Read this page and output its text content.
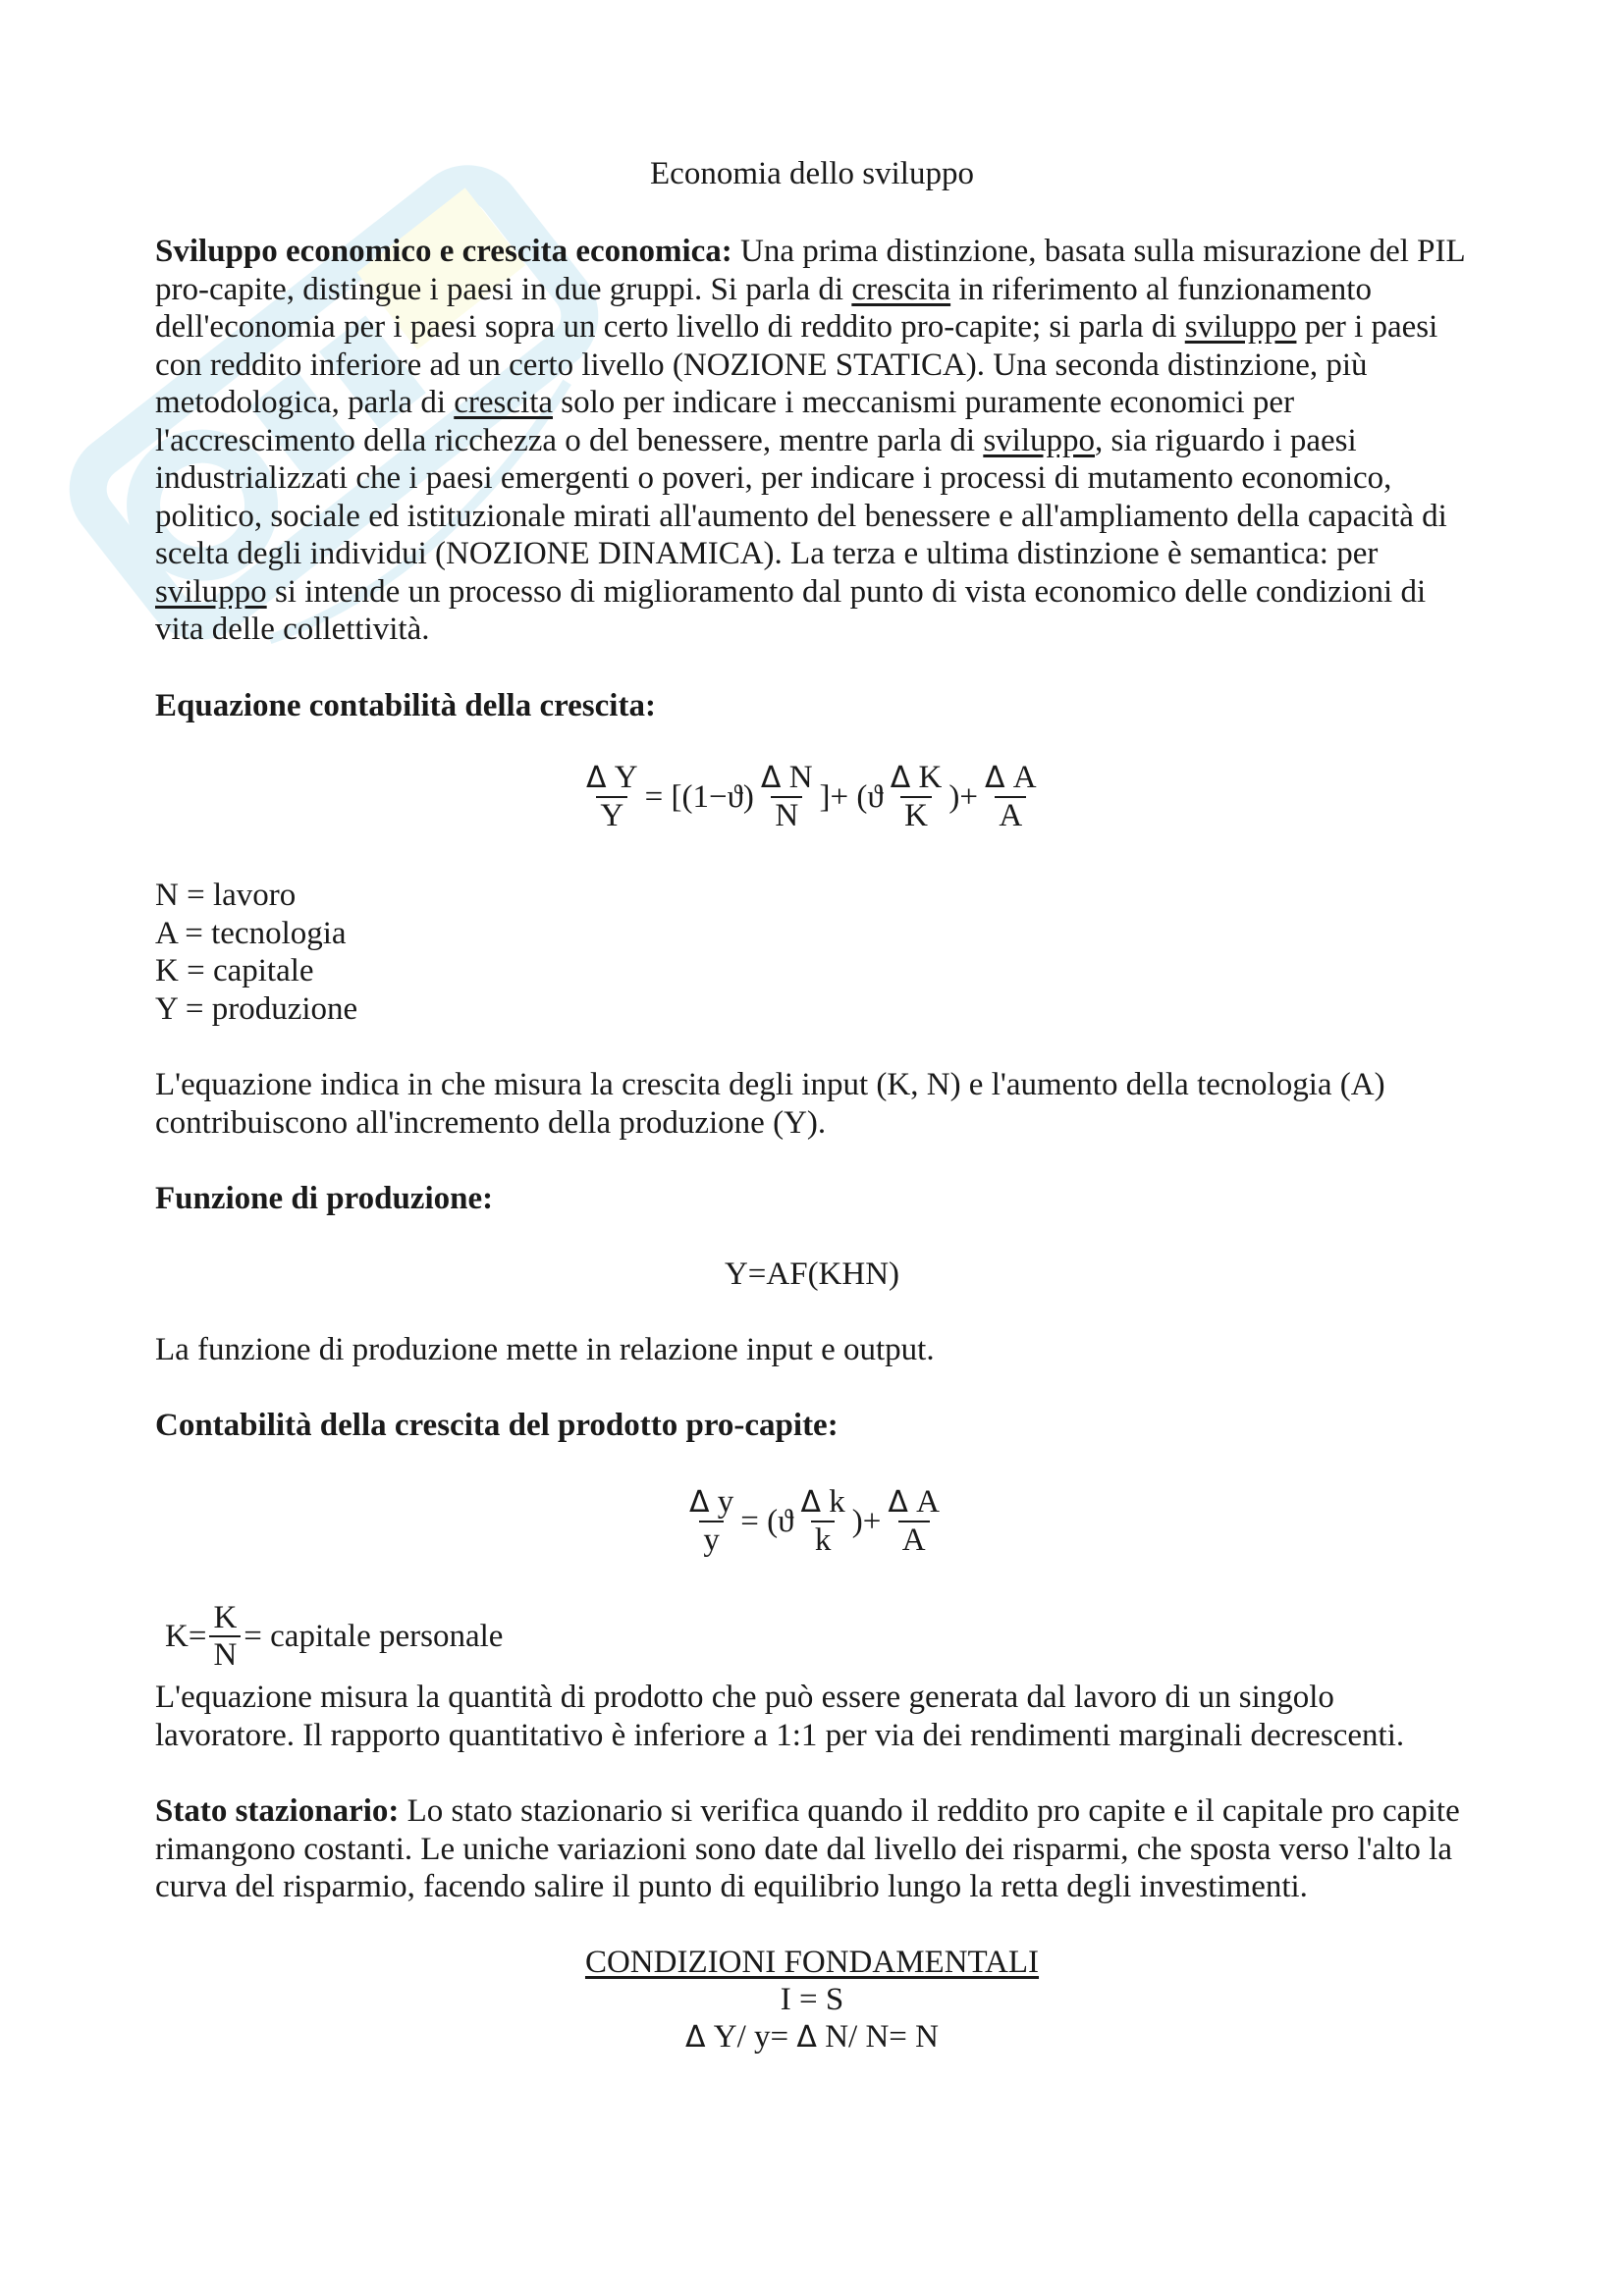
Economia dello sviluppo

Sviluppo economico e crescita economica: Una prima distinzione, basata sulla misurazione del PIL pro-capite, distingue i paesi in due gruppi. Si parla di crescita in riferimento al funzionamento dell'economia per i paesi sopra un certo livello di reddito pro-capite; si parla di sviluppo per i paesi con reddito inferiore ad un certo livello (NOZIONE STATICA). Una seconda distinzione, più metodologica, parla di crescita solo per indicare i meccanismi puramente economici per l'accrescimento della ricchezza o del benessere, mentre parla di sviluppo, sia riguardo i paesi industrializzati che i paesi emergenti o poveri, per indicare i processi di mutamento economico, politico, sociale ed istituzionale mirati all'aumento del benessere e all'ampliamento della capacità di scelta degli individui (NOZIONE DINAMICA). La terza e ultima distinzione è semantica: per sviluppo si intende un processo di miglioramento dal punto di vista economico delle condizioni di vita delle collettività.

Equazione contabilità della crescita:
$\frac{\text{Δ Y}}{Y} = [(1- ϑ$ ) $\frac{\text{Δ N}}{N}$ ]+ ( ϑ $\frac{\text{Δ K}}{K}$ )+ $\frac{\text{Δ A}}{A}$

N = lavoro

A = tecnologia

K = capitale

Y = produzione

L'equazione indica in che misura la crescita degli input (K, N) e l'aumento della tecnologia (A) contribuiscono all'incremento della produzione (Y).

Funzione di produzione:
Y=AF(KHN)

La funzione di produzione mette in relazione input e output.

Contabilità della crescita del prodotto pro-capite:
$\frac{\text{Δ y}}{y}$ = ( ϑ $\frac{\text{Δ k}}{k}$ )+ $\frac{\text{Δ A}}{A}$
$K= \frac{K}{N}$ = capitale personale

L'equazione misura la quantità di prodotto che può essere generata dal lavoro di un singolo lavoratore. Il rapporto quantitativo è inferiore a 1:1 per via dei rendimenti marginali decrescenti.

Stato stazionario: Lo stato stazionario si verifica quando il reddito pro capite e il capitale pro capite rimangono costanti. Le uniche variazioni sono date dal livello dei risparmi, che sposta verso l'alto la curva del risparmio, facendo salire il punto di equilibrio lungo la retta degli investimenti.

CONDIZIONI FONDAMENTALI
I = S
Δ Y/ y= Δ N/ N= N
